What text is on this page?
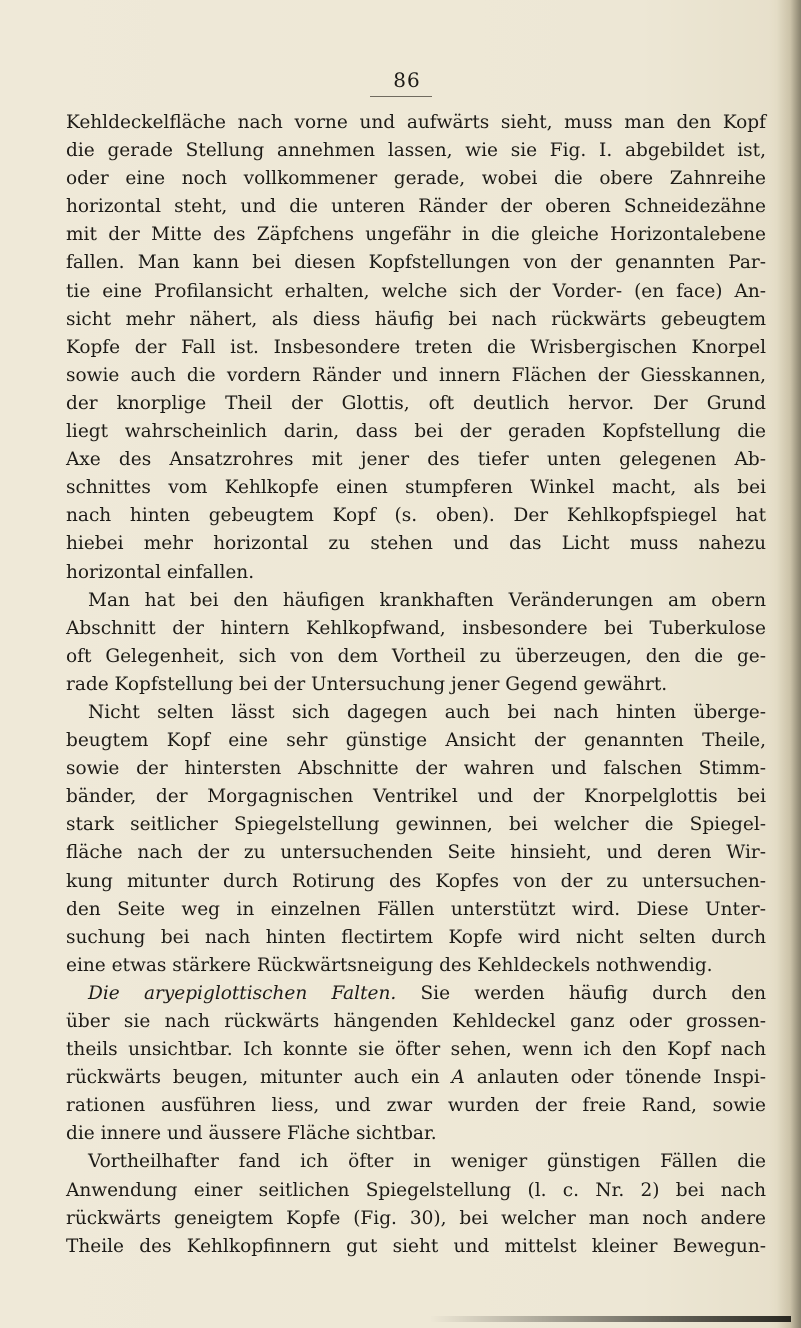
86
Kehldeckelfläche nach vorne und aufwärts sieht, muss man den Kopf
die gerade Stellung annehmen lassen, wie sie Fig. I. abgebildet ist,
oder eine noch vollkommener gerade, wobei die obere Zahnreihe
horizontal steht, und die unteren Ränder der oberen Schneidezähne
mit der Mitte des Zäpfchens ungefähr in die gleiche Horizontalebene
fallen. Man kann bei diesen Kopfstellungen von der genannten Par-
tie eine Profilansicht erhalten, welche sich der Vorder- (en face) An-
sicht mehr nähert, als diess häufig bei nach rückwärts gebeugtem
Kopfe der Fall ist. Insbesondere treten die Wrisbergischen Knorpel
sowie auch die vordern Ränder und innern Flächen der Giesskannen,
der knorplige Theil der Glottis, oft deutlich hervor. Der Grund
liegt wahrscheinlich darin, dass bei der geraden Kopfstellung die
Axe des Ansatzrohres mit jener des tiefer unten gelegenen Ab-
schnittes vom Kehlkopfe einen stumpferen Winkel macht, als bei
nach hinten gebeugtem Kopf (s. oben). Der Kehlkopfspiegel hat
hiebei mehr horizontal zu stehen und das Licht muss nahezu
horizontal einfallen.
Man hat bei den häufigen krankhaften Veränderungen am obern
Abschnitt der hintern Kehlkopfwand, insbesondere bei Tuberkulose
oft Gelegenheit, sich von dem Vortheil zu überzeugen, den die ge-
rade Kopfstellung bei der Untersuchung jener Gegend gewährt.
Nicht selten lässt sich dagegen auch bei nach hinten überge-
beugtem Kopf eine sehr günstige Ansicht der genannten Theile,
sowie der hintersten Abschnitte der wahren und falschen Stimm-
bänder, der Morgagnischen Ventrikel und der Knorpelglottis bei
stark seitlicher Spiegelstellung gewinnen, bei welcher die Spiegel-
fläche nach der zu untersuchenden Seite hinsieht, und deren Wir-
kung mitunter durch Rotirung des Kopfes von der zu untersuchen-
den Seite weg in einzelnen Fällen unterstützt wird. Diese Unter-
suchung bei nach hinten flectirtem Kopfe wird nicht selten durch
eine etwas stärkere Rückwärtsneigung des Kehldeckels nothwendig.
Die aryepiglottischen Falten. Sie werden häufig durch den
über sie nach rückwärts hängenden Kehldeckel ganz oder grossen-
theils unsichtbar. Ich konnte sie öfter sehen, wenn ich den Kopf nach
rückwärts beugen, mitunter auch ein A anlauten oder tönende Inspi-
rationen ausführen liess, und zwar wurden der freie Rand, sowie
die innere und äussere Fläche sichtbar.
Vortheilhafter fand ich öfter in weniger günstigen Fällen die
Anwendung einer seitlichen Spiegelstellung (l. c. Nr. 2) bei nach
rückwärts geneigtem Kopfe (Fig. 30), bei welcher man noch andere
Theile des Kehlkopfinnern gut sieht und mittelst kleiner Bewegun-
